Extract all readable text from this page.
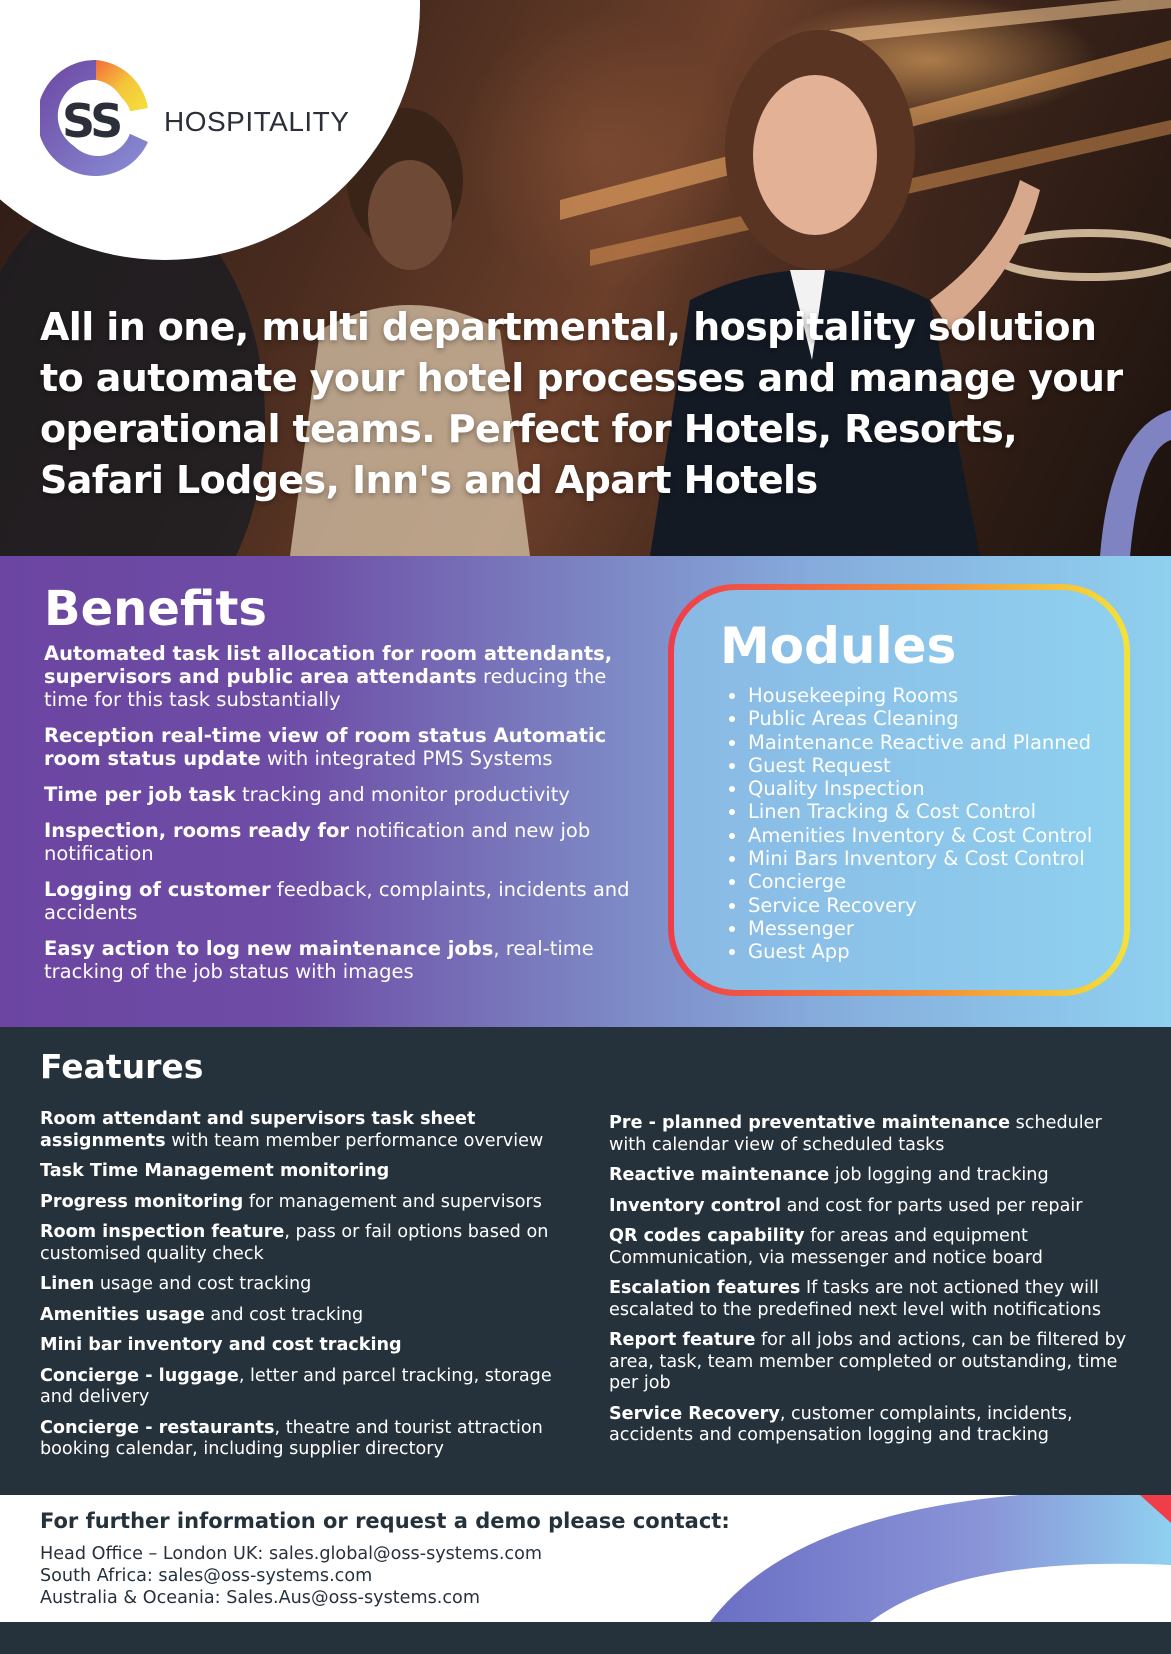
SS HOSPITALITY
All in one, multi departmental, hospitality solution to automate your hotel processes and manage your operational teams. Perfect for Hotels, Resorts, Safari Lodges, Inn's and Apart Hotels
Benefits

Automated task list allocation for room attendants, supervisors and public area attendants reducing the time for this task substantially

Reception real-time view of room status Automatic room status update with integrated PMS Systems

Time per job task tracking and monitor productivity

Inspection, rooms ready for notification and new job notification

Logging of customer feedback, complaints, incidents and accidents

Easy action to log new maintenance jobs, real-time tracking of the job status with images

Modules
• Housekeeping Rooms
• Public Areas Cleaning
• Maintenance Reactive and Planned
• Guest Request
• Quality Inspection
• Linen Tracking & Cost Control
• Amenities Inventory & Cost Control
• Mini Bars Inventory & Cost Control
• Concierge
• Service Recovery
• Messenger
• Guest App
Features

Room attendant and supervisors task sheet assignments with team member performance overview

Task Time Management monitoring

Progress monitoring for management and supervisors

Room inspection feature, pass or fail options based on customised quality check

Linen usage and cost tracking

Amenities usage and cost tracking

Mini bar inventory and cost tracking

Concierge - luggage, letter and parcel tracking, storage and delivery

Concierge - restaurants, theatre and tourist attraction booking calendar, including supplier directory

Pre - planned preventative maintenance scheduler with calendar view of scheduled tasks

Reactive maintenance job logging and tracking

Inventory control and cost for parts used per repair

QR codes capability for areas and equipment Communication, via messenger and notice board

Escalation features If tasks are not actioned they will escalated to the predefined next level with notifications

Report feature for all jobs and actions, can be filtered by area, task, team member completed or outstanding, time per job

Service Recovery, customer complaints, incidents, accidents and compensation logging and tracking

For further information or request a demo please contact:

Head Office – London UK: sales.global@oss-systems.com
South Africa: sales@oss-systems.com
Australia & Oceania: Sales.Aus@oss-systems.com
